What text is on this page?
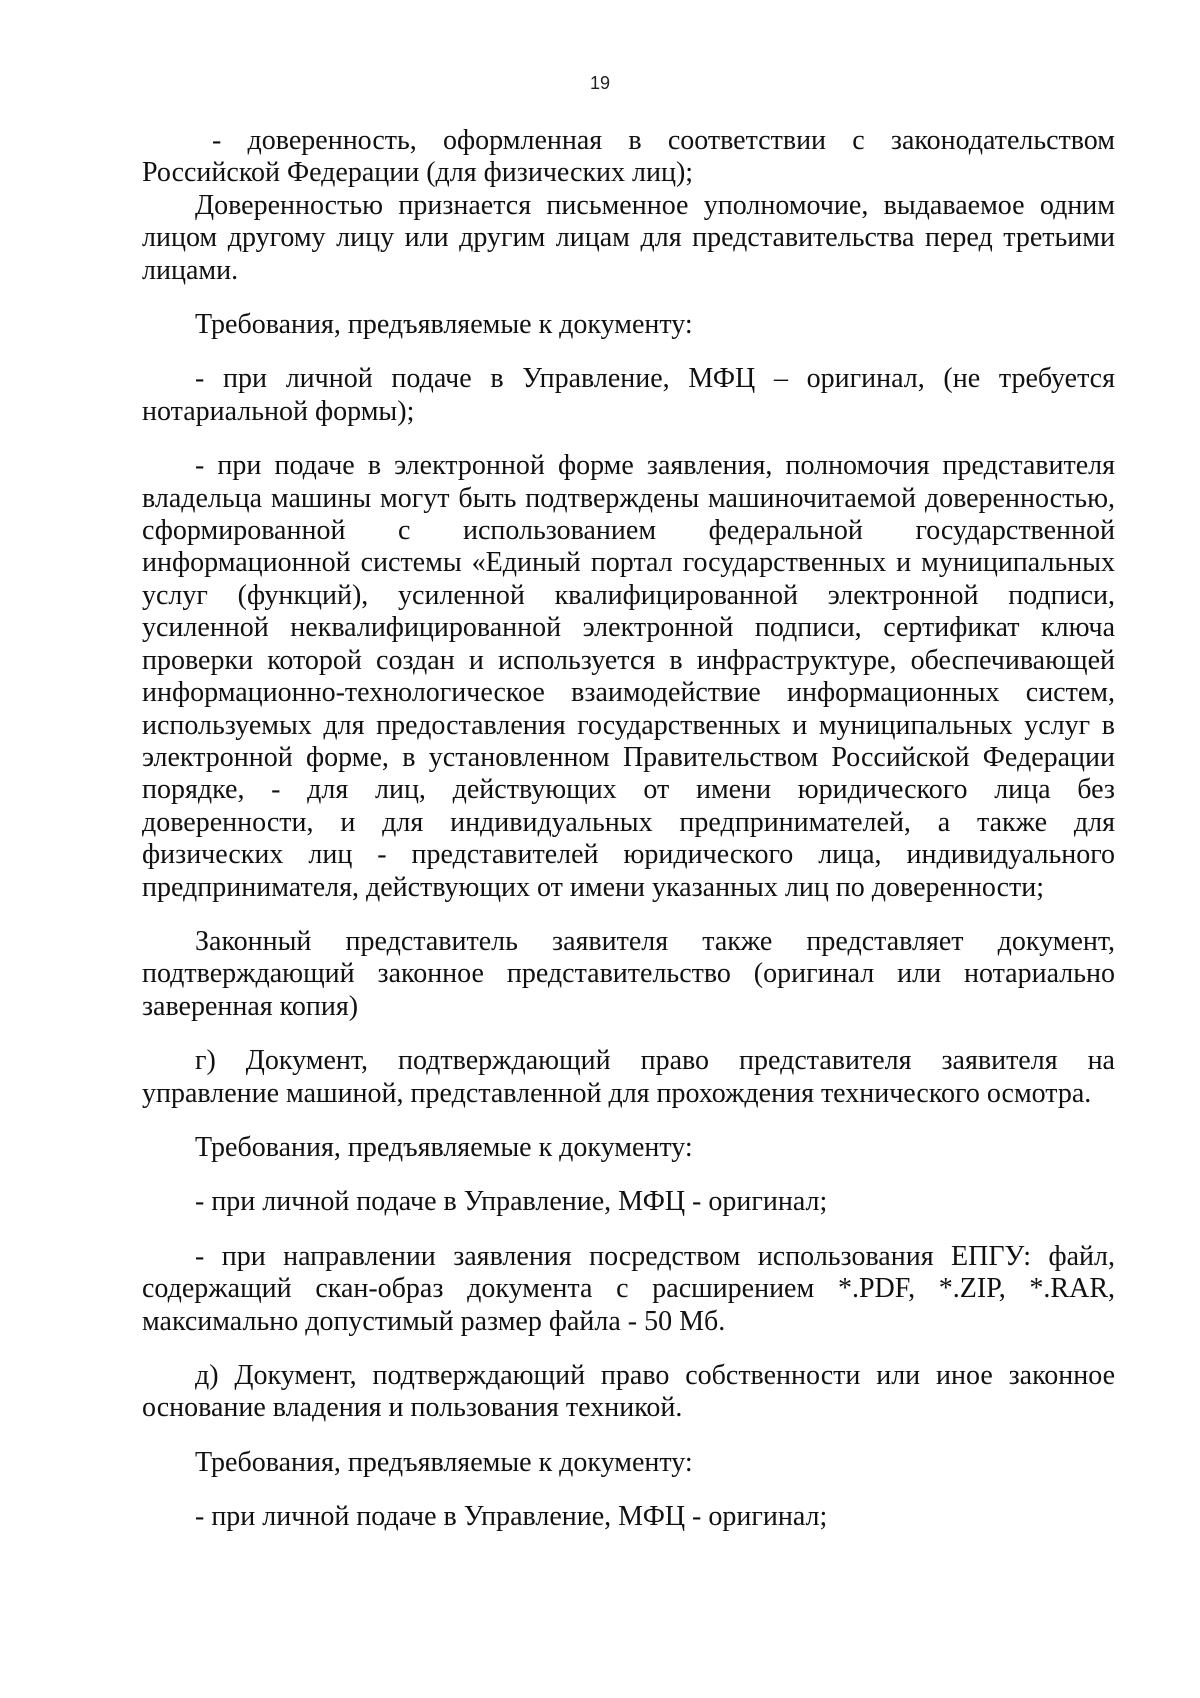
19

- доверенность, оформленная в соответствии с законодательством Российской Федерации (для физических лиц);

Доверенностью признается письменное уполномочие, выдаваемое одним лицом другому лицу или другим лицам для представительства перед третьими лицами.

Требования, предъявляемые к документу:

- при личной подаче в Управление, МФЦ – оригинал, (не требуется нотариальной формы);

- при подаче в электронной форме заявления, полномочия представителя владельца машины могут быть подтверждены машиночитаемой доверенностью, сформированной с использованием федеральной государственной информационной системы «Единый портал государственных и муниципальных услуг (функций), усиленной квалифицированной электронной подписи, усиленной неквалифицированной электронной подписи, сертификат ключа проверки которой создан и используется в инфраструктуре, обеспечивающей информационно-технологическое взаимодействие информационных систем, используемых для предоставления государственных и муниципальных услуг в электронной форме, в установленном Правительством Российской Федерации порядке, - для лиц, действующих от имени юридического лица без доверенности, и для индивидуальных предпринимателей, а также для физических лиц - представителей юридического лица, индивидуального предпринимателя, действующих от имени указанных лиц по доверенности;

Законный представитель заявителя также представляет документ, подтверждающий законное представительство (оригинал или нотариально заверенная копия)

г) Документ, подтверждающий право представителя заявителя на управление машиной, представленной для прохождения технического осмотра.

Требования, предъявляемые к документу:

- при личной подаче в Управление, МФЦ - оригинал;

- при направлении заявления посредством использования ЕПГУ: файл, содержащий скан-образ документа с расширением *.PDF, *.ZIP, *.RAR, максимально допустимый размер файла - 50 Мб.

д) Документ, подтверждающий право собственности или иное законное основание владения и пользования техникой.

Требования, предъявляемые к документу:

- при личной подаче в Управление, МФЦ - оригинал;
